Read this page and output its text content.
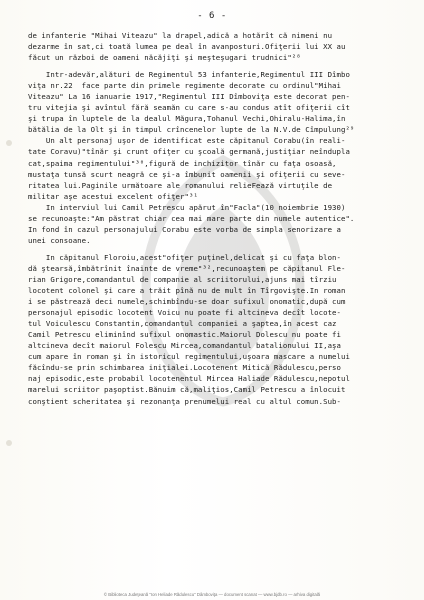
- 6 -
de infanterie "Mihai Viteazu" la drapel,adică a hotărît că nimeni nu
dezarme în sat,ci toată lumea pe deal în avanposturi.Ofiţerii lui XX au
făcut un război de oameni năcăjiţi şi meşteşugari trudnici"²⁸
Intr-adevăr,alături de Regimentul 53 infanterie,Regimentul III Dîmbo
viţa nr.22  face parte din primele regimente decorate cu ordinul"Mihai
Viteazu" La 16 ianuarie 1917,"Regimentul III Dîmboviţa este decorat pen-
tru vitejia şi avîntul fără seamăn cu care s-au condus atît ofiţerii cît
şi trupa în luptele de la dealul Măgura,Tohanul Vechi,Ohiralu-Halima,în
bătălia de la Olt şi în timpul crîncenelor lupte de la N.V.de Cîmpulung²⁹
Un alt personaj uşor de identificat este căpitanul Corabu(în reali-
tate Coravu)"tînăr şi crunt ofiţer cu şcoală germană,justiţiar neîndupla
cat,spaima regimentului"³⁰,figură de inchizitor tînăr cu faţa osoasă,
mustaţa tunsă scurt neagră ce şi-a îmbunit oamenii şi ofiţerii cu seve-
ritatea lui.Paginile următoare ale romanului relieFează virtuţile de
militar aşe acestui excelent ofiţer"³¹
In interviul lui Camil Petrescu apărut în"Facla"(10 noiembrie 1930)
se recunoaşte:"Am păstrat chiar cea mai mare parte din numele autentice".
In fond în cazul personajului Corabu este vorba de simpla senorizare a
unei consoane.
In căpitanul Floroiu,acest"ofiţer puţinel,delicat şi cu faţa blon-
dă ştearsă,îmbătrînit înainte de vreme"³²,recunoaştem pe căpitanul Fle-
rian Grigore,comandantul de companie al scriitorului,ajuns mai tîrziu
locotent colonel şi care a trăit pînă nu de mult în Tîrgovişte.In roman
i se păstrează deci numele,schimbîndu-se doar sufixul onomatic,după cum
personajul episodic locotent Voicu nu poate fi altcineva decît locote-
tul Voiculescu Constantin,comandantul companiei a şaptea,în acest caz
Camil Petrescu eliminînd sufixul onomastic.Maiorul Dolescu nu poate fi
altcineva decît maiorul Folescu Mircea,comandantul batalionului II,aşa
cum apare în roman şi în istoricul regimentului,uşoara mascare a numelui
făcîndu-se prin schimbarea iniţialei.Locotenent Mitică Rădulescu,perso
naj episodic,este probabil locotenentul Mircea Haliade Rădulescu,nepotul
marelui scriitor paşoptist.Bănuim că,maliţios,Camil Petrescu a înlocuit
conştient scheritatea şi rezonanţa prenumelui real cu altul comun.Sub-
© Biblioteca Judeţeană "Ion Heliade Rădulescu" Dâmboviţa — document scanat — www.bjdb.ro — arhiva digitală
